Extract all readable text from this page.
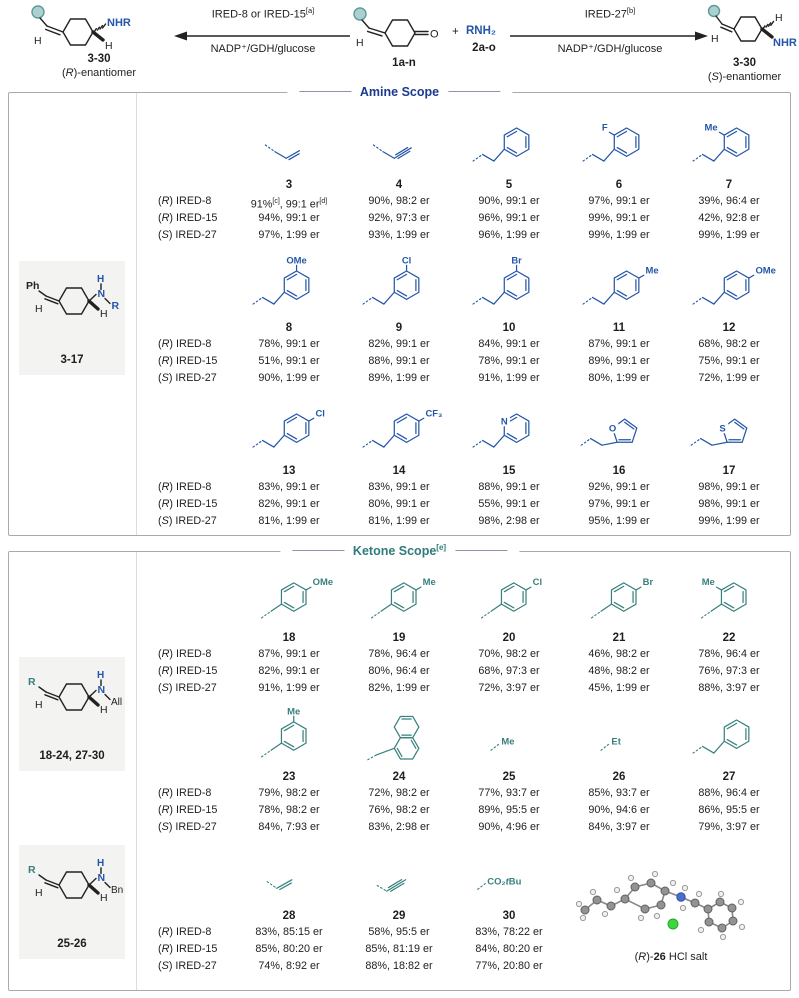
H
NHR
H
3-30
(R)-enantiomer
IRED-8 or IRED-15[a]
NADP⁺/GDH/glucose	H
O
1a-n
+ RNH₂
2a-o
IRED-27[b]
NADP⁺/GDH/glucose
H
NHR
H
3-30
(S)-enantiomer
Amine Scope
Ph
H
H
N
R
H
3-17
F	Me
3	4	5	6	7
(R) IRED-8	91%[c], 99:1 er[d]	90%, 98:2 er	90%, 99:1 er	97%, 99:1 er	39%, 96:4 er
(R) IRED-15	94%, 99:1 er	92%, 97:3 er	96%, 99:1 er	99%, 99:1 er	42%, 92:8 er
(S) IRED-27	97%, 1:99 er	93%, 1:99 er	96%, 1:99 er	99%, 1:99 er	99%, 1:99 er
OMe	Cl	Br
Me	OMe
8	9	10	11	12
(R) IRED-8	78%, 99:1 er	82%, 99:1 er	84%, 99:1 er	87%, 99:1 er	68%, 98:2 er
(R) IRED-15	51%, 99:1 er	88%, 99:1 er	78%, 99:1 er	89%, 99:1 er	75%, 99:1 er
(S) IRED-27	90%, 1:99 er	89%, 1:99 er	91%, 1:99 er	80%, 1:99 er	72%, 1:99 er
Cl	CF₃
N
O	S
13	14	15	16	17
(R) IRED-8	83%, 99:1 er	83%, 99:1 er	88%, 99:1 er	92%, 99:1 er	98%, 99:1 er
(R) IRED-15	82%, 99:1 er	80%, 99:1 er	55%, 99:1 er	97%, 99:1 er	98%, 99:1 er
(S) IRED-27	81%, 1:99 er	81%, 1:99 er	98%, 2:98 er	95%, 1:99 er	99%, 1:99 er
Ketone Scope[e]
R
H
H
N
All
H
18-24, 27-30
R
H
H
N
Bn
H
25-26
OMe	Me	Cl	Br	Me
18	19	20	21	22
(R) IRED-8	87%, 99:1 er	78%, 96:4 er	70%, 98:2 er	46%, 98:2 er	78%, 96:4 er
(R) IRED-15	82%, 99:1 er	80%, 96:4 er	68%, 97:3 er	48%, 98:2 er	76%, 97:3 er
(S) IRED-27	91%, 1:99 er	82%, 1:99 er	72%, 3:97 er	45%, 1:99 er	88%, 3:97 er
Me
Me	Et
23	24	25	26	27
(R) IRED-8	79%, 98:2 er	72%, 98:2 er	77%, 93:7 er	85%, 93:7 er	88%, 96:4 er
(R) IRED-15	78%, 98:2 er	76%, 98:2 er	89%, 95:5 er	90%, 94:6 er	86%, 95:5 er
(S) IRED-27	84%, 7:93 er	83%, 2:98 er	90%, 4:96 er	84%, 3:97 er	79%, 3:97 er
CO₂tBu
28	29	30
(R) IRED-8	83%, 85:15 er	58%, 95:5 er	83%, 78:22 er
(R) IRED-15	85%, 80:20 er	85%, 81:19 er	84%, 80:20 er
(S) IRED-27	74%, 8:92 er	88%, 18:82 er	77%, 20:80 er
(R)-26 HCl salt
